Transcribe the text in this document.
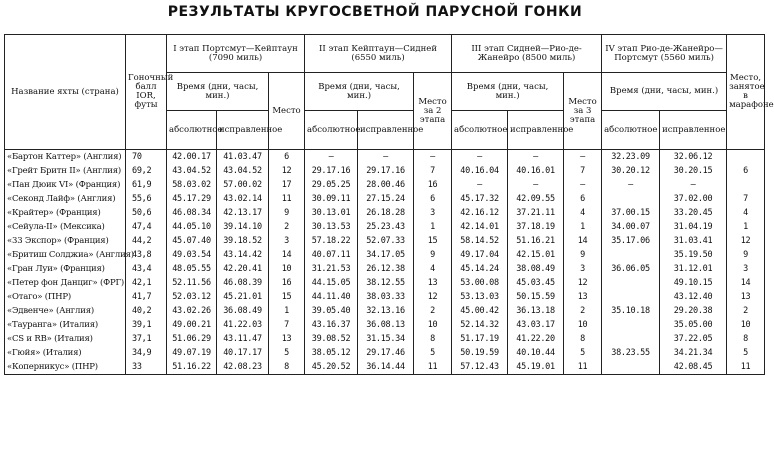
РЕЗУЛЬТАТЫ КРУГОСВЕТНОЙ ПАРУСНОЙ ГОНКИ
Название яхты (страна)	Гоночный балл IOR, футы	I этап Портсмут—Кейптаун (7090 миль)			II этап Кейптаун—Сидней (6550 миль)			III этап Сидней—Рио-де-Жанейро (8500 миль)			IV этап Рио-де-Жанейро—Портсмут (5560 миль)		Место, занятое в марафоне
		Время (дни, часы, мин.)		Место	Время (дни, часы, мин.)		Место за 2 этапа	Время (дни, часы, мин.)		Место за 3 этапа	Время (дни, часы, мин.)		
		абсолютное	исправленное		абсолютное	исправленное		абсолютное	исправленное		абсолютное	исправленное	
«Бартон Каттер» (Англия)	70	42.00.17	41.03.47	6	—	—	—	—	—	—	32.23.09	32.06.12	
«Грейт Бритн II» (Англия)	69,2	43.04.52	43.04.52	12	29.17.16	29.17.16	7	40.16.04	40.16.01	7	30.20.12	30.20.15	6
«Пан Дюик VI» (Франция)	61,9	58.03.02	57.00.02	17	29.05.25	28.00.46	16	—	—	—	—	—	
«Секонд Лайф» (Англия)	55,6	45.17.29	43.02.14	11	30.09.11	27.15.24	6	45.17.32	42.09.55	6		37.02.00	7
«Крайтер» (Франция)	50,6	46.08.34	42.13.17	9	30.13.01	26.18.28	3	42.16.12	37.21.11	4	37.00.15	33.20.45	4
«Сейула-II» (Мексика)	47,4	44.05.10	39.14.10	2	30.13.53	25.23.43	1	42.14.01	37.18.19	1	34.00.07	31.04.19	1
«33 Экспор» (Франция)	44,2	45.07.40	39.18.52	3	57.18.22	52.07.33	15	58.14.52	51.16.21	14	35.17.06	31.03.41	12
«Бритиш Солджиа» (Англия)	43,8	49.03.54	43.14.42	14	40.07.11	34.17.05	9	49.17.04	42.15.01	9		35.19.50	9
«Гран Луи» (Франция)	43,4	48.05.55	42.20.41	10	31.21.53	26.12.38	4	45.14.24	38.08.49	3	36.06.05	31.12.01	3
«Петер фон Данциг» (ФРГ)	42,1	52.11.56	46.08.39	16	44.15.05	38.12.55	13	53.00.08	45.03.45	12		49.10.15	14
«Отаго» (ПНР)	41,7	52.03.12	45.21.01	15	44.11.40	38.03.33	12	53.13.03	50.15.59	13		43.12.40	13
«Эдвенче» (Англия)	40,2	43.02.26	36.08.49	1	39.05.40	32.13.16	2	45.00.42	36.13.18	2	35.10.18	29.20.38	2
«Тауранга» (Италия)	39,1	49.00.21	41.22.03	7	43.16.37	36.08.13	10	52.14.32	43.03.17	10		35.05.00	10
«CS и RB» (Италия)	37,1	51.06.29	43.11.47	13	39.08.52	31.15.34	8	51.17.19	41.22.20	8		37.22.05	8
«Гюйя» (Италия)	34,9	49.07.19	40.17.17	5	38.05.12	29.17.46	5	50.19.59	40.10.44	5	38.23.55	34.21.34	5
«Коперникус» (ПНР)	33	51.16.22	42.08.23	8	45.20.52	36.14.44	11	57.12.43	45.19.01	11		42.08.45	11
